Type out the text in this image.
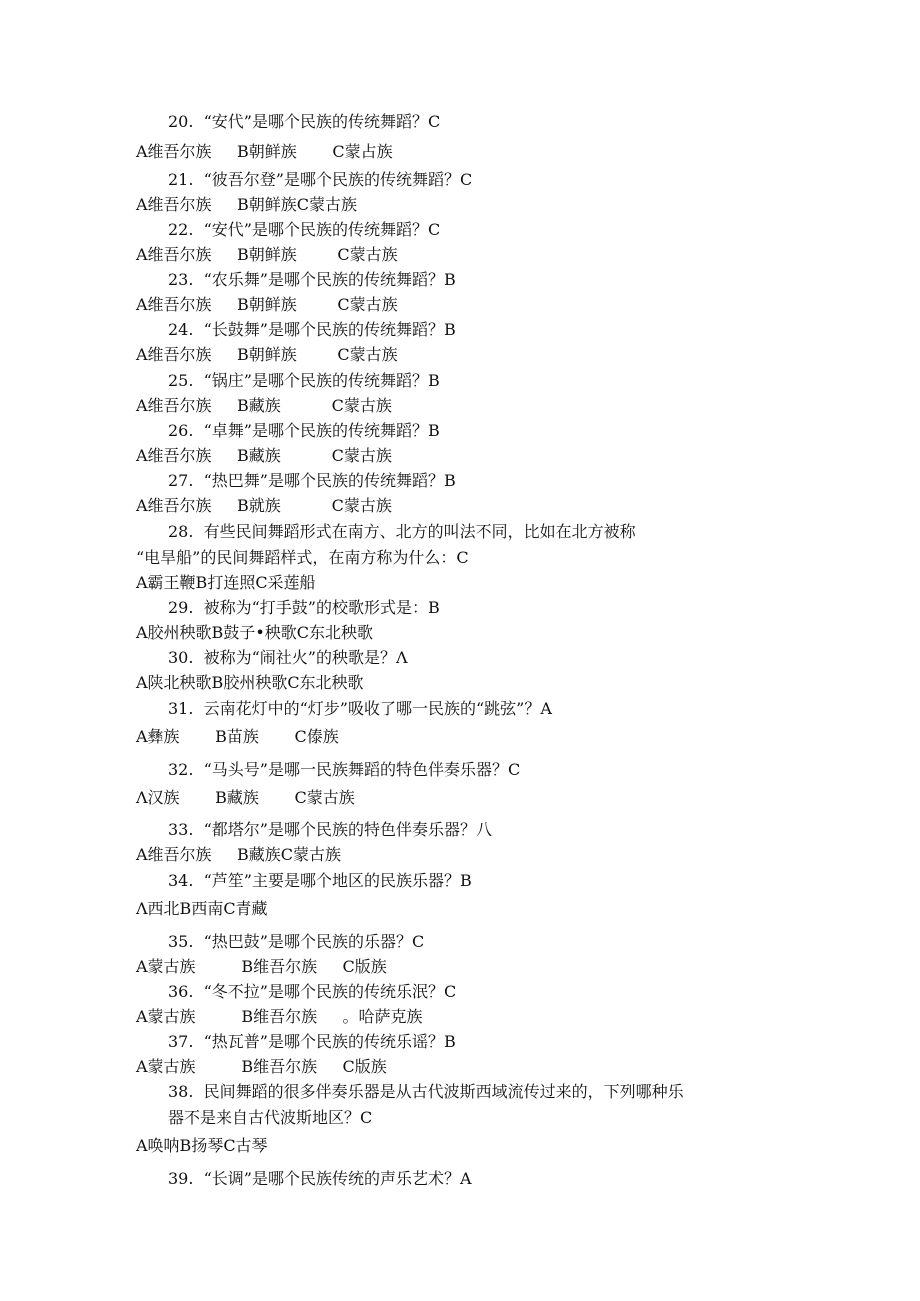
20.  “安代”是哪个民族的传统舞蹈？C
A维吾尔族     B朝鲜族       C蒙占族
21.  “彼吾尔登”是哪个民族的传统舞蹈？C
A维吾尔族     B朝鲜族C蒙古族
22.  “安代”是哪个民族的传统舞蹈？C
A维吾尔族     B朝鲜族        C蒙古族
23.  “农乐舞”是哪个民族的传统舞蹈？B
A维吾尔族     B朝鲜族        C蒙古族
24.  “长鼓舞”是哪个民族的传统舞蹈？B
A维吾尔族     B朝鲜族        C蒙古族
25.  “锅庄”是哪个民族的传统舞蹈？B
A维吾尔族     B藏族          C蒙古族
26.  “卓舞”是哪个民族的传统舞蹈？B
A维吾尔族     B藏族          C蒙古族
27.  “热巴舞”是哪个民族的传统舞蹈？B
A维吾尔族     B就族          C蒙古族
28.  有些民间舞蹈形式在南方、北方的叫法不同，比如在北方被称
“电旱船”的民间舞蹈样式，在南方称为什么：C
A霸王鞭B打连照C采莲船
29.  被称为“打手鼓”的校歌形式是：B
A胶州秧歌B鼓子•秧歌C东北秧歌
30.  被称为“闹社火”的秧歌是？Λ
A陕北秧歌B胶州秧歌C东北秧歌
31.  云南花灯中的“灯步”吸收了哪一民族的“跳弦”？A
A彝族       B苗族       C傣族
32.  “马头号”是哪一民族舞蹈的特色伴奏乐器？C
Λ汉族       B藏族       C蒙古族
33.  “都塔尔”是哪个民族的特色伴奏乐器？八
A维吾尔族     B藏族C蒙古族
34.  “芦笙”主要是哪个地区的民族乐器？B
Λ西北B西南C青藏
35.  “热巴鼓”是哪个民族的乐器？C
A蒙古族         B维吾尔族     C版族
36.  “冬不拉”是哪个民族的传统乐泯？C
A蒙古族         B维吾尔族     。哈萨克族
37.  “热瓦普”是哪个民族的传统乐谣？B
A蒙古族         B维吾尔族     C版族
38.  民间舞蹈的很多伴奏乐器是从古代波斯西域流传过来的，下列哪种乐
器不是来自古代波斯地区？C
A唤呐B扬琴C古琴
39.  “长调”是哪个民族传统的声乐艺术？A
